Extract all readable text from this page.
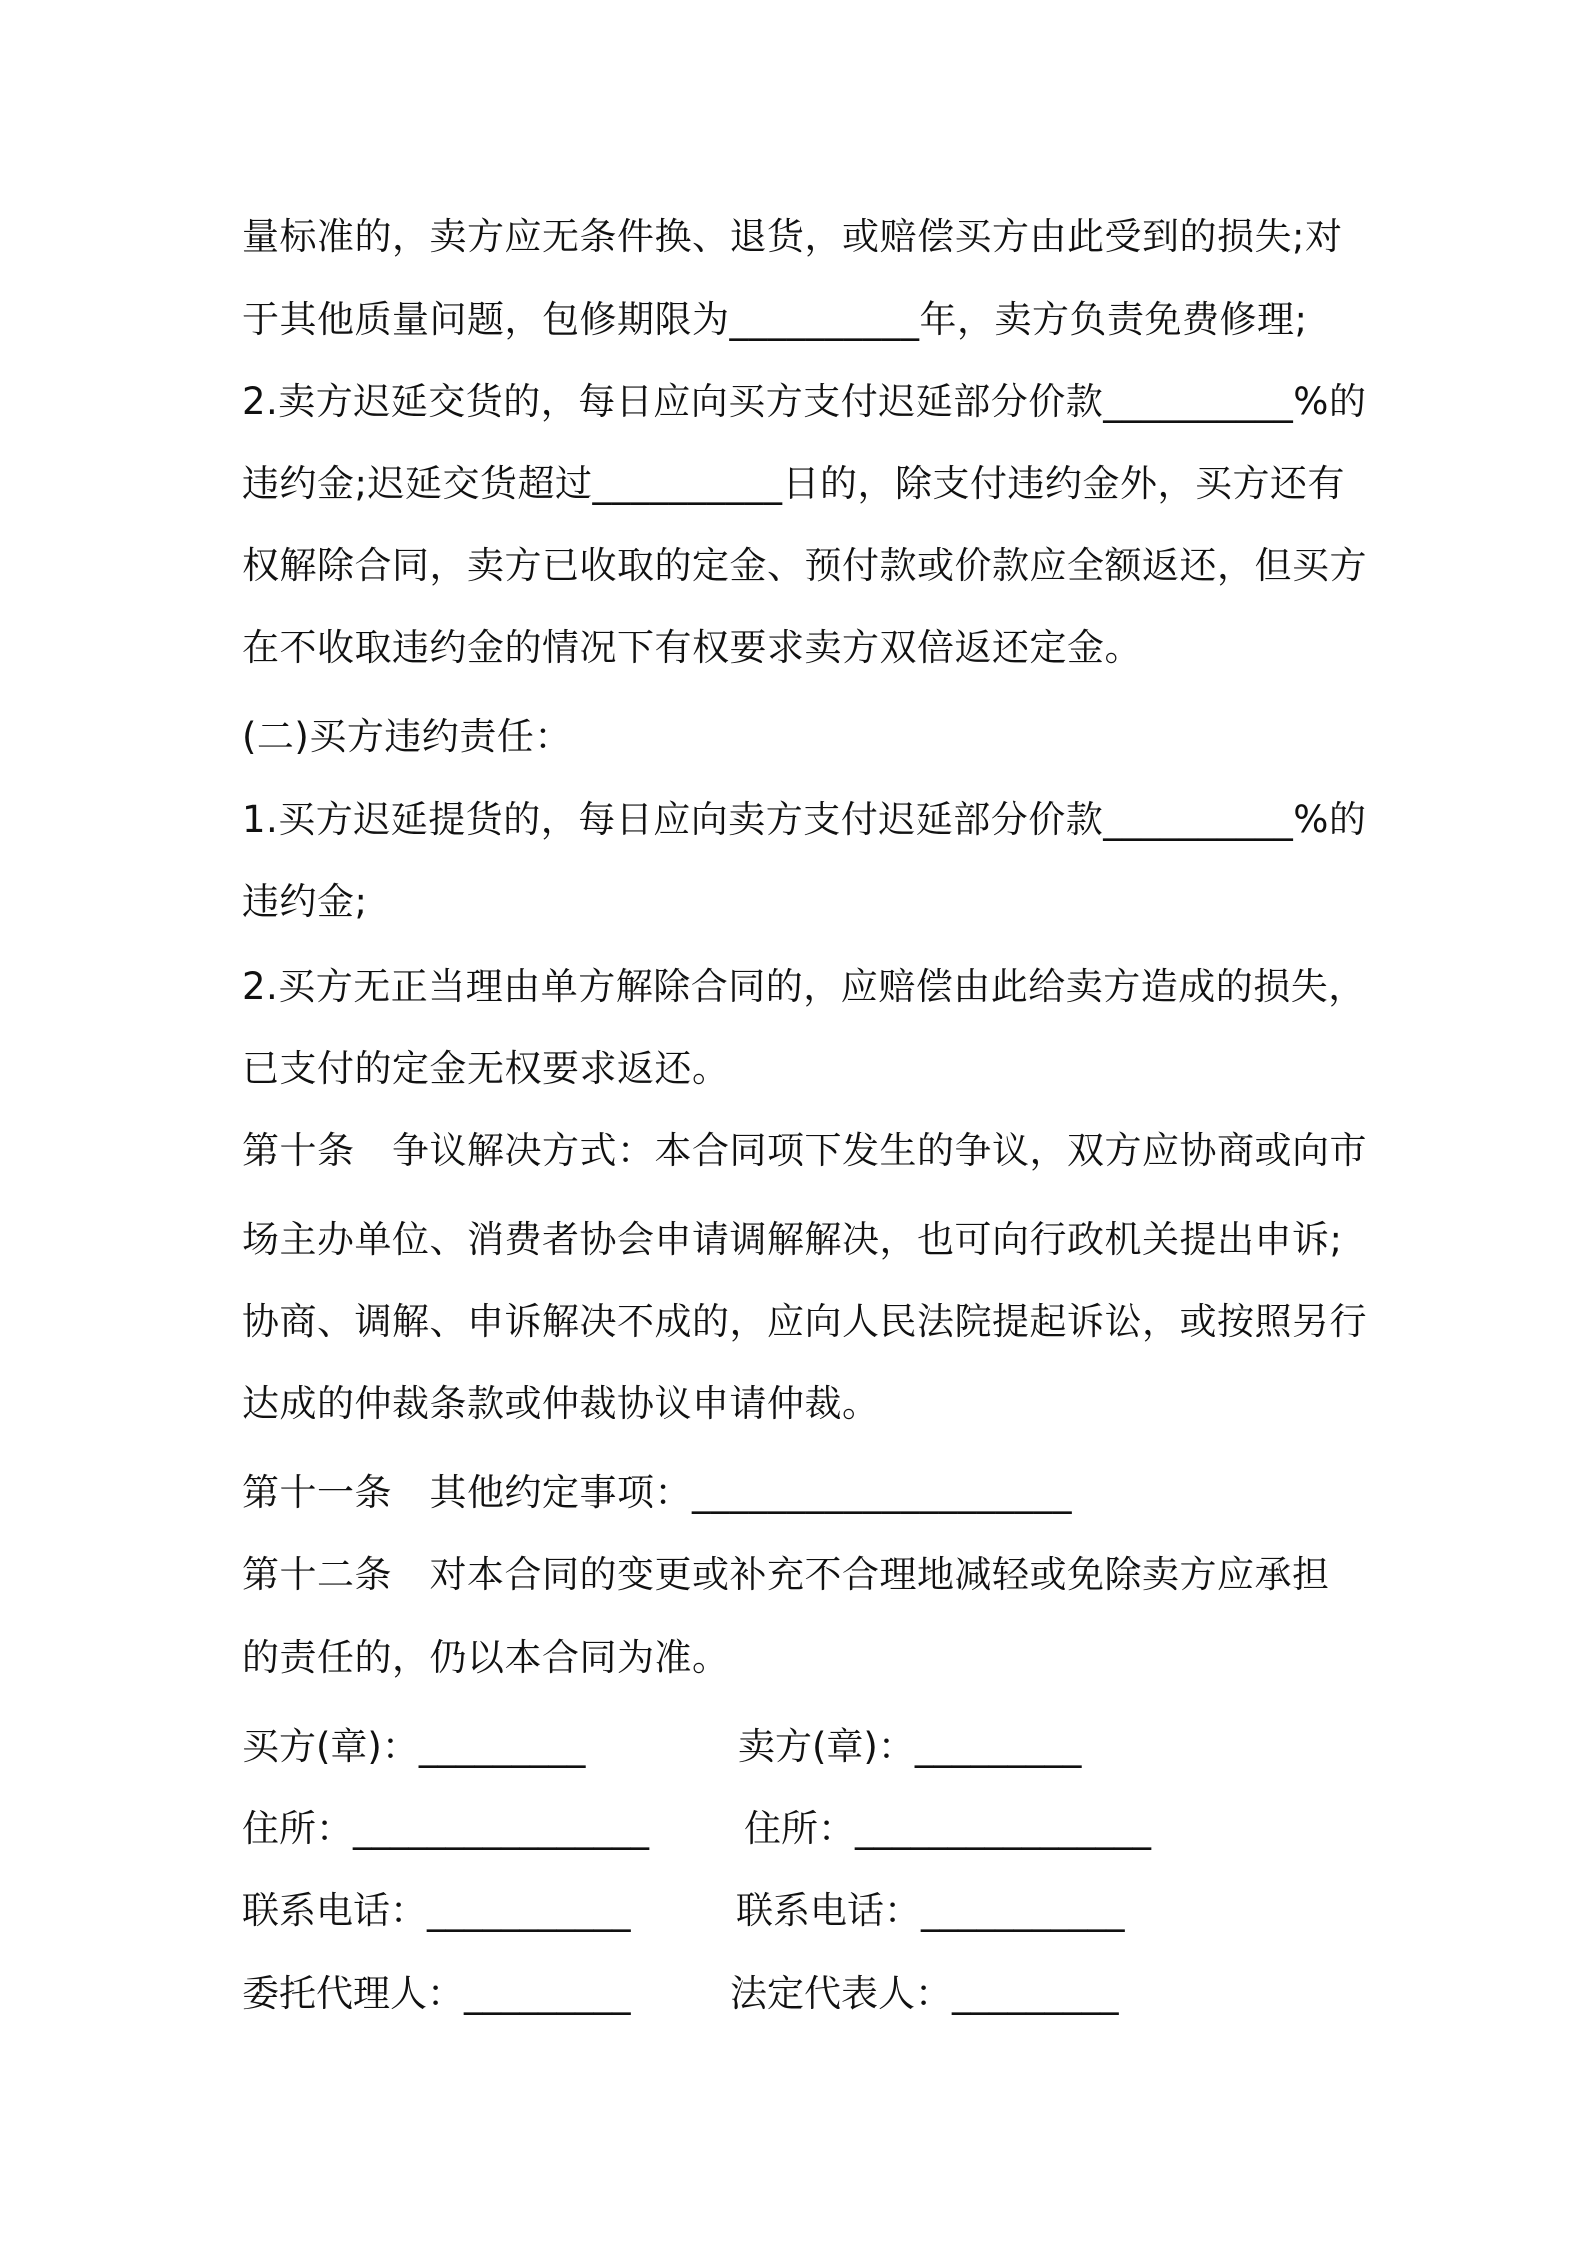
量标准的，卖方应无条件换、退货，或赔偿买方由此受到的损失;对
于其他质量问题，包修期限为__________年，卖方负责免费修理;
2.卖方迟延交货的，每日应向买方支付迟延部分价款__________%的
违约金;迟延交货超过__________日的，除支付违约金外，买方还有
权解除合同，卖方已收取的定金、预付款或价款应全额返还，但买方
在不收取违约金的情况下有权要求卖方双倍返还定金。
(二)买方违约责任：
1.买方迟延提货的，每日应向卖方支付迟延部分价款__________%的
违约金;
2.买方无正当理由单方解除合同的，应赔偿由此给卖方造成的损失，
已支付的定金无权要求返还。
第十条　争议解决方式：本合同项下发生的争议，双方应协商或向市
场主办单位、消费者协会申请调解解决，也可向行政机关提出申诉;
协商、调解、申诉解决不成的，应向人民法院提起诉讼，或按照另行
达成的仲裁条款或仲裁协议申请仲裁。
第十一条　其他约定事项：____________________
第十二条　对本合同的变更或补充不合理地减轻或免除卖方应承担
的责任的，仍以本合同为准。
买方(章)：_________	卖方(章)：_________
住所：________________	住所：________________
联系电话：___________	联系电话：___________
委托代理人：_________	法定代表人：_________
